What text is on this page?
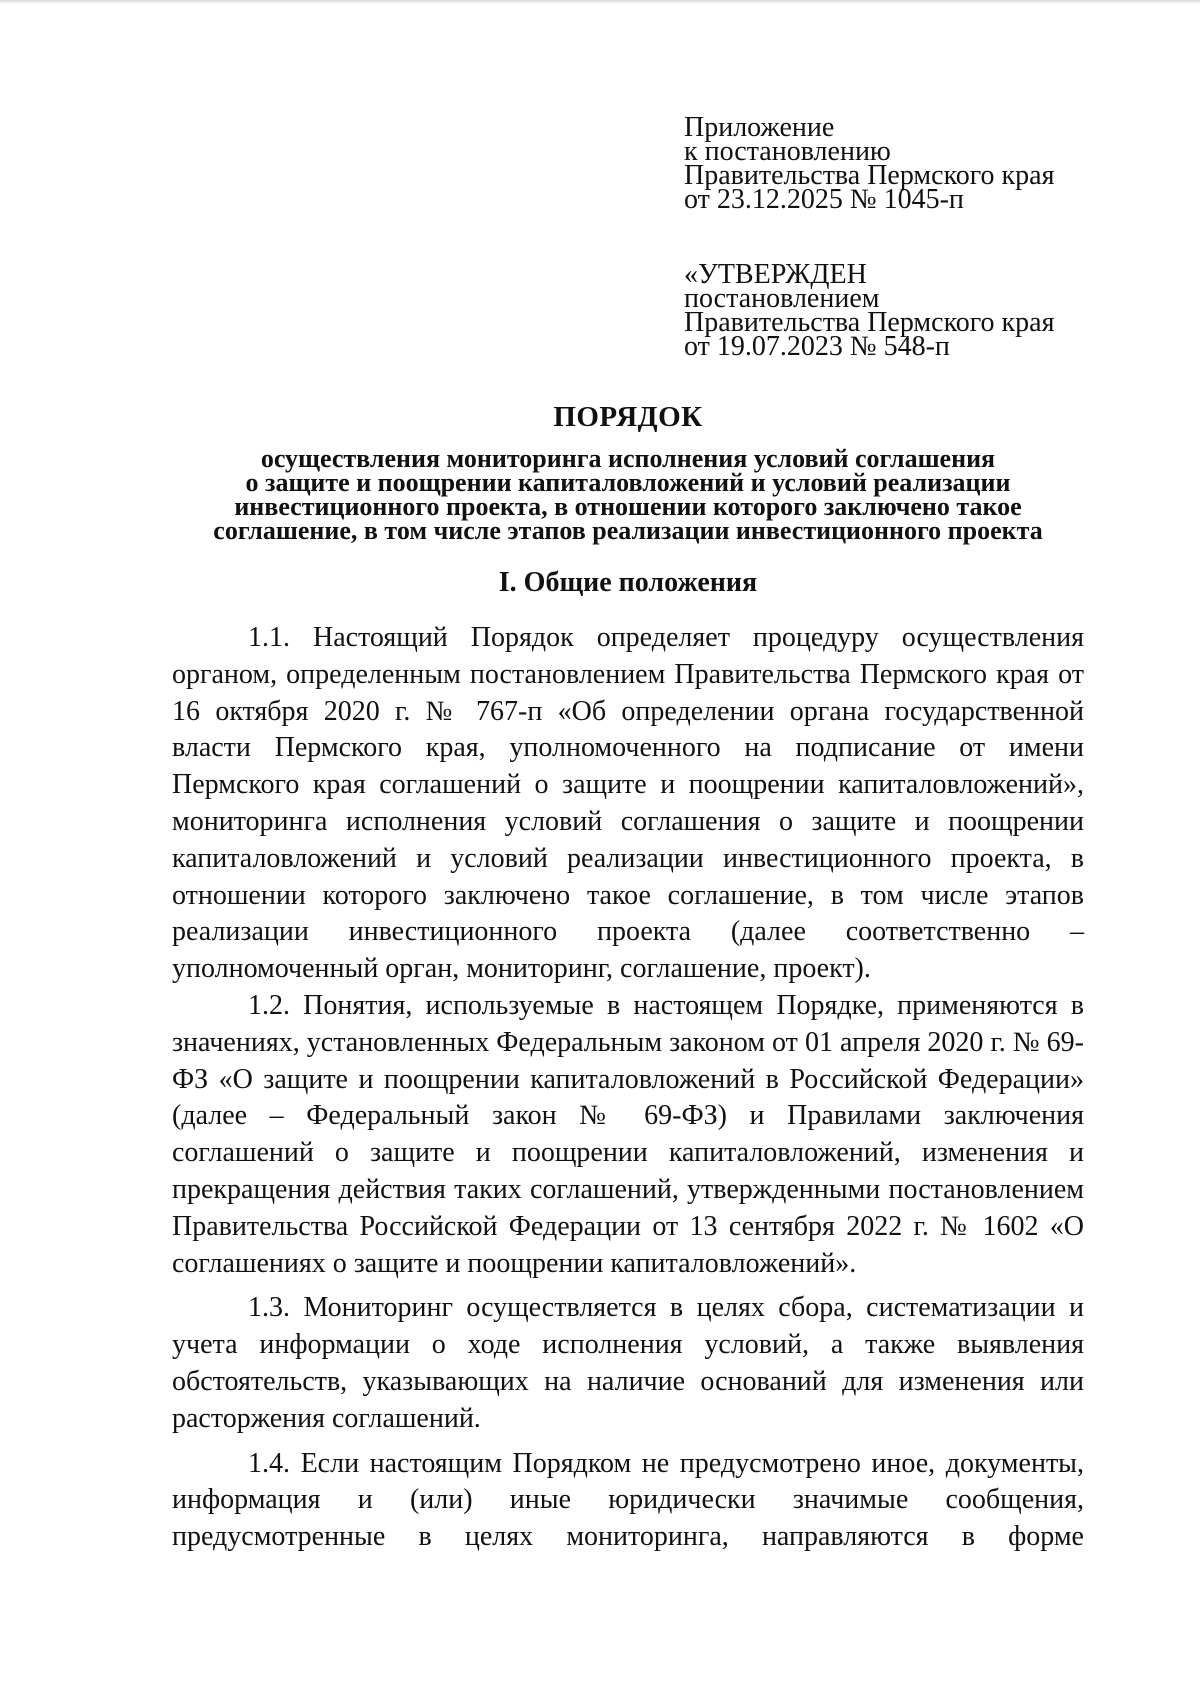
Приложение
к постановлению
Правительства Пермского края
от 23.12.2025 № 1045-п
«УТВЕРЖДЕН
постановлением
Правительства Пермского края
от 19.07.2023 № 548-п
ПОРЯДОК
осуществления мониторинга исполнения условий соглашения
о защите и поощрении капиталовложений и условий реализации
инвестиционного проекта, в отношении которого заключено такое
соглашение, в том числе этапов реализации инвестиционного проекта
I. Общие положения

1.1. Настоящий Порядок определяет процедуру осуществления органом, определенным постановлением Правительства Пермского края от 16 октября 2020 г. № 767-п «Об определении органа государственной власти Пермского края, уполномоченного на подписание от имени Пермского края соглашений о защите и поощрении капиталовложений», мониторинга исполнения условий соглашения о защите и поощрении капиталовложений и условий реализации инвестиционного проекта, в отношении которого заключено такое соглашение, в том числе этапов реализации инвестиционного проекта (далее соответственно – уполномоченный орган, мониторинг, соглашение, проект).

1.2. Понятия, используемые в настоящем Порядке, применяются в значениях, установленных Федеральным законом от 01 апреля 2020 г. № 69-ФЗ «О защите и поощрении капиталовложений в Российской Федерации» (далее – Федеральный закон № 69-ФЗ) и Правилами заключения соглашений о защите и поощрении капиталовложений, изменения и прекращения действия таких соглашений, утвержденными постановлением Правительства Российской Федерации от 13 сентября 2022 г. № 1602 «О соглашениях о защите и поощрении капиталовложений».

1.3. Мониторинг осуществляется в целях сбора, систематизации и учета информации о ходе исполнения условий, а также выявления обстоятельств, указывающих на наличие оснований для изменения или расторжения соглашений.

1.4. Если настоящим Порядком не предусмотрено иное, документы, информация и (или) иные юридически значимые сообщения, предусмотренные в целях мониторинга, направляются в форме
